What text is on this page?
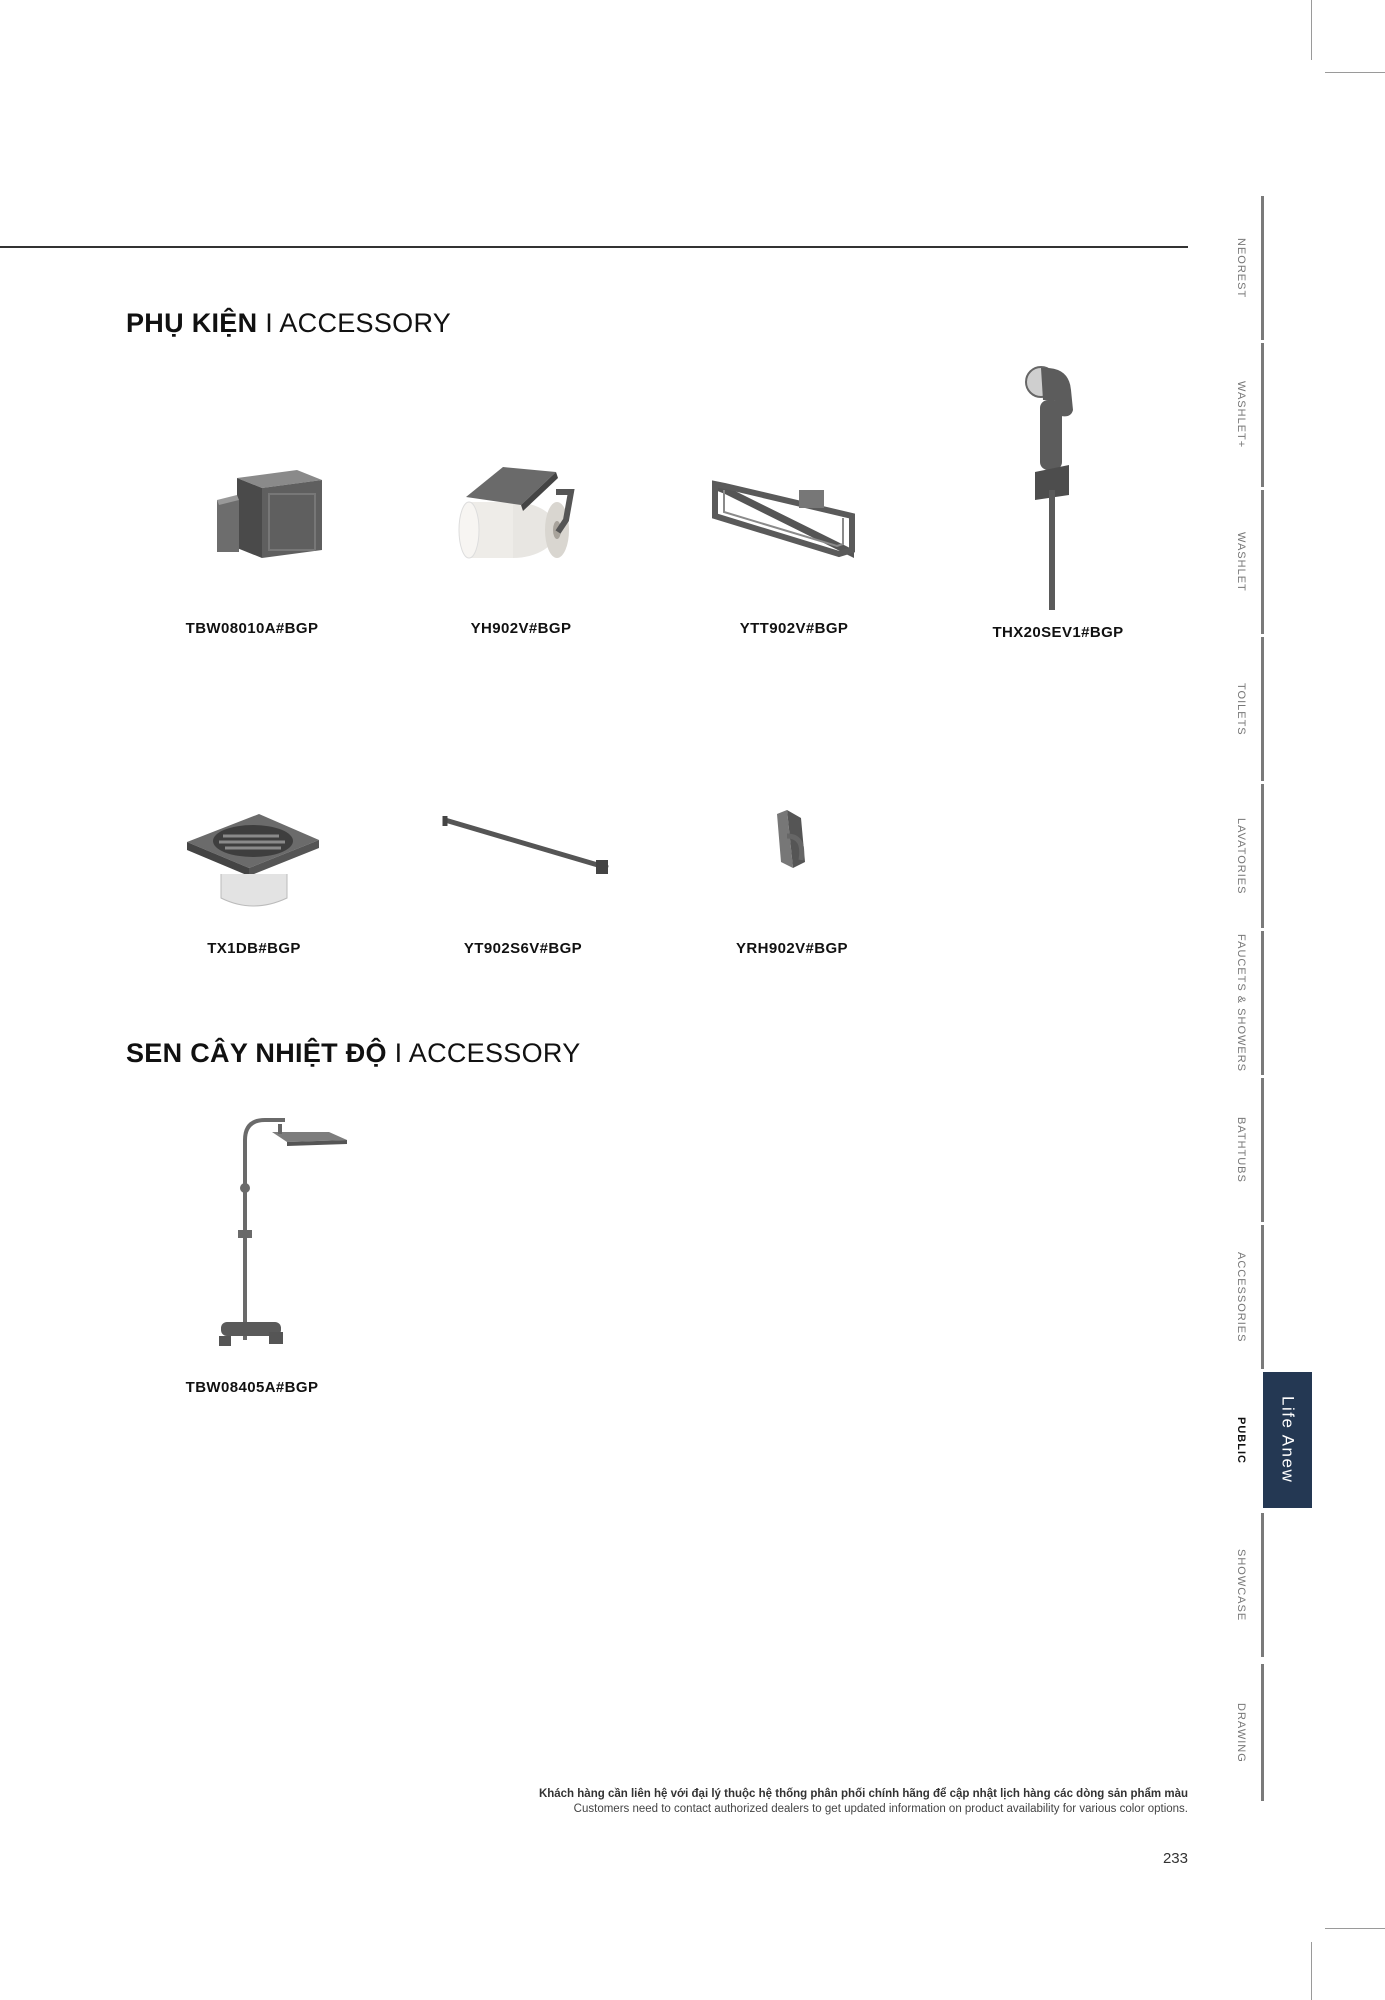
PHỤ KIỆN I ACCESSORY
TBW08010A#BGP	YH902V#BGP	YTT902V#BGP	THX20SEV1#BGP
TX1DB#BGP	YT902S6V#BGP	YRH902V#BGP
SEN CÂY NHIỆT ĐỘ I ACCESSORY
TBW08405A#BGP
NEOREST
WASHLET+
WASHLET
TOILETS
LAVATORIES
FAUCETS & SHOWERS
BATHTUBS
ACCESSORIES
PUBLIC
SHOWCASE
DRAWING
Life Anew
Khách hàng cần liên hệ với đại lý thuộc hệ thống phân phối chính hãng để cập nhật lịch hàng các dòng sản phẩm màu
Customers need to contact authorized dealers to get updated information on product availability for various color options.
233
